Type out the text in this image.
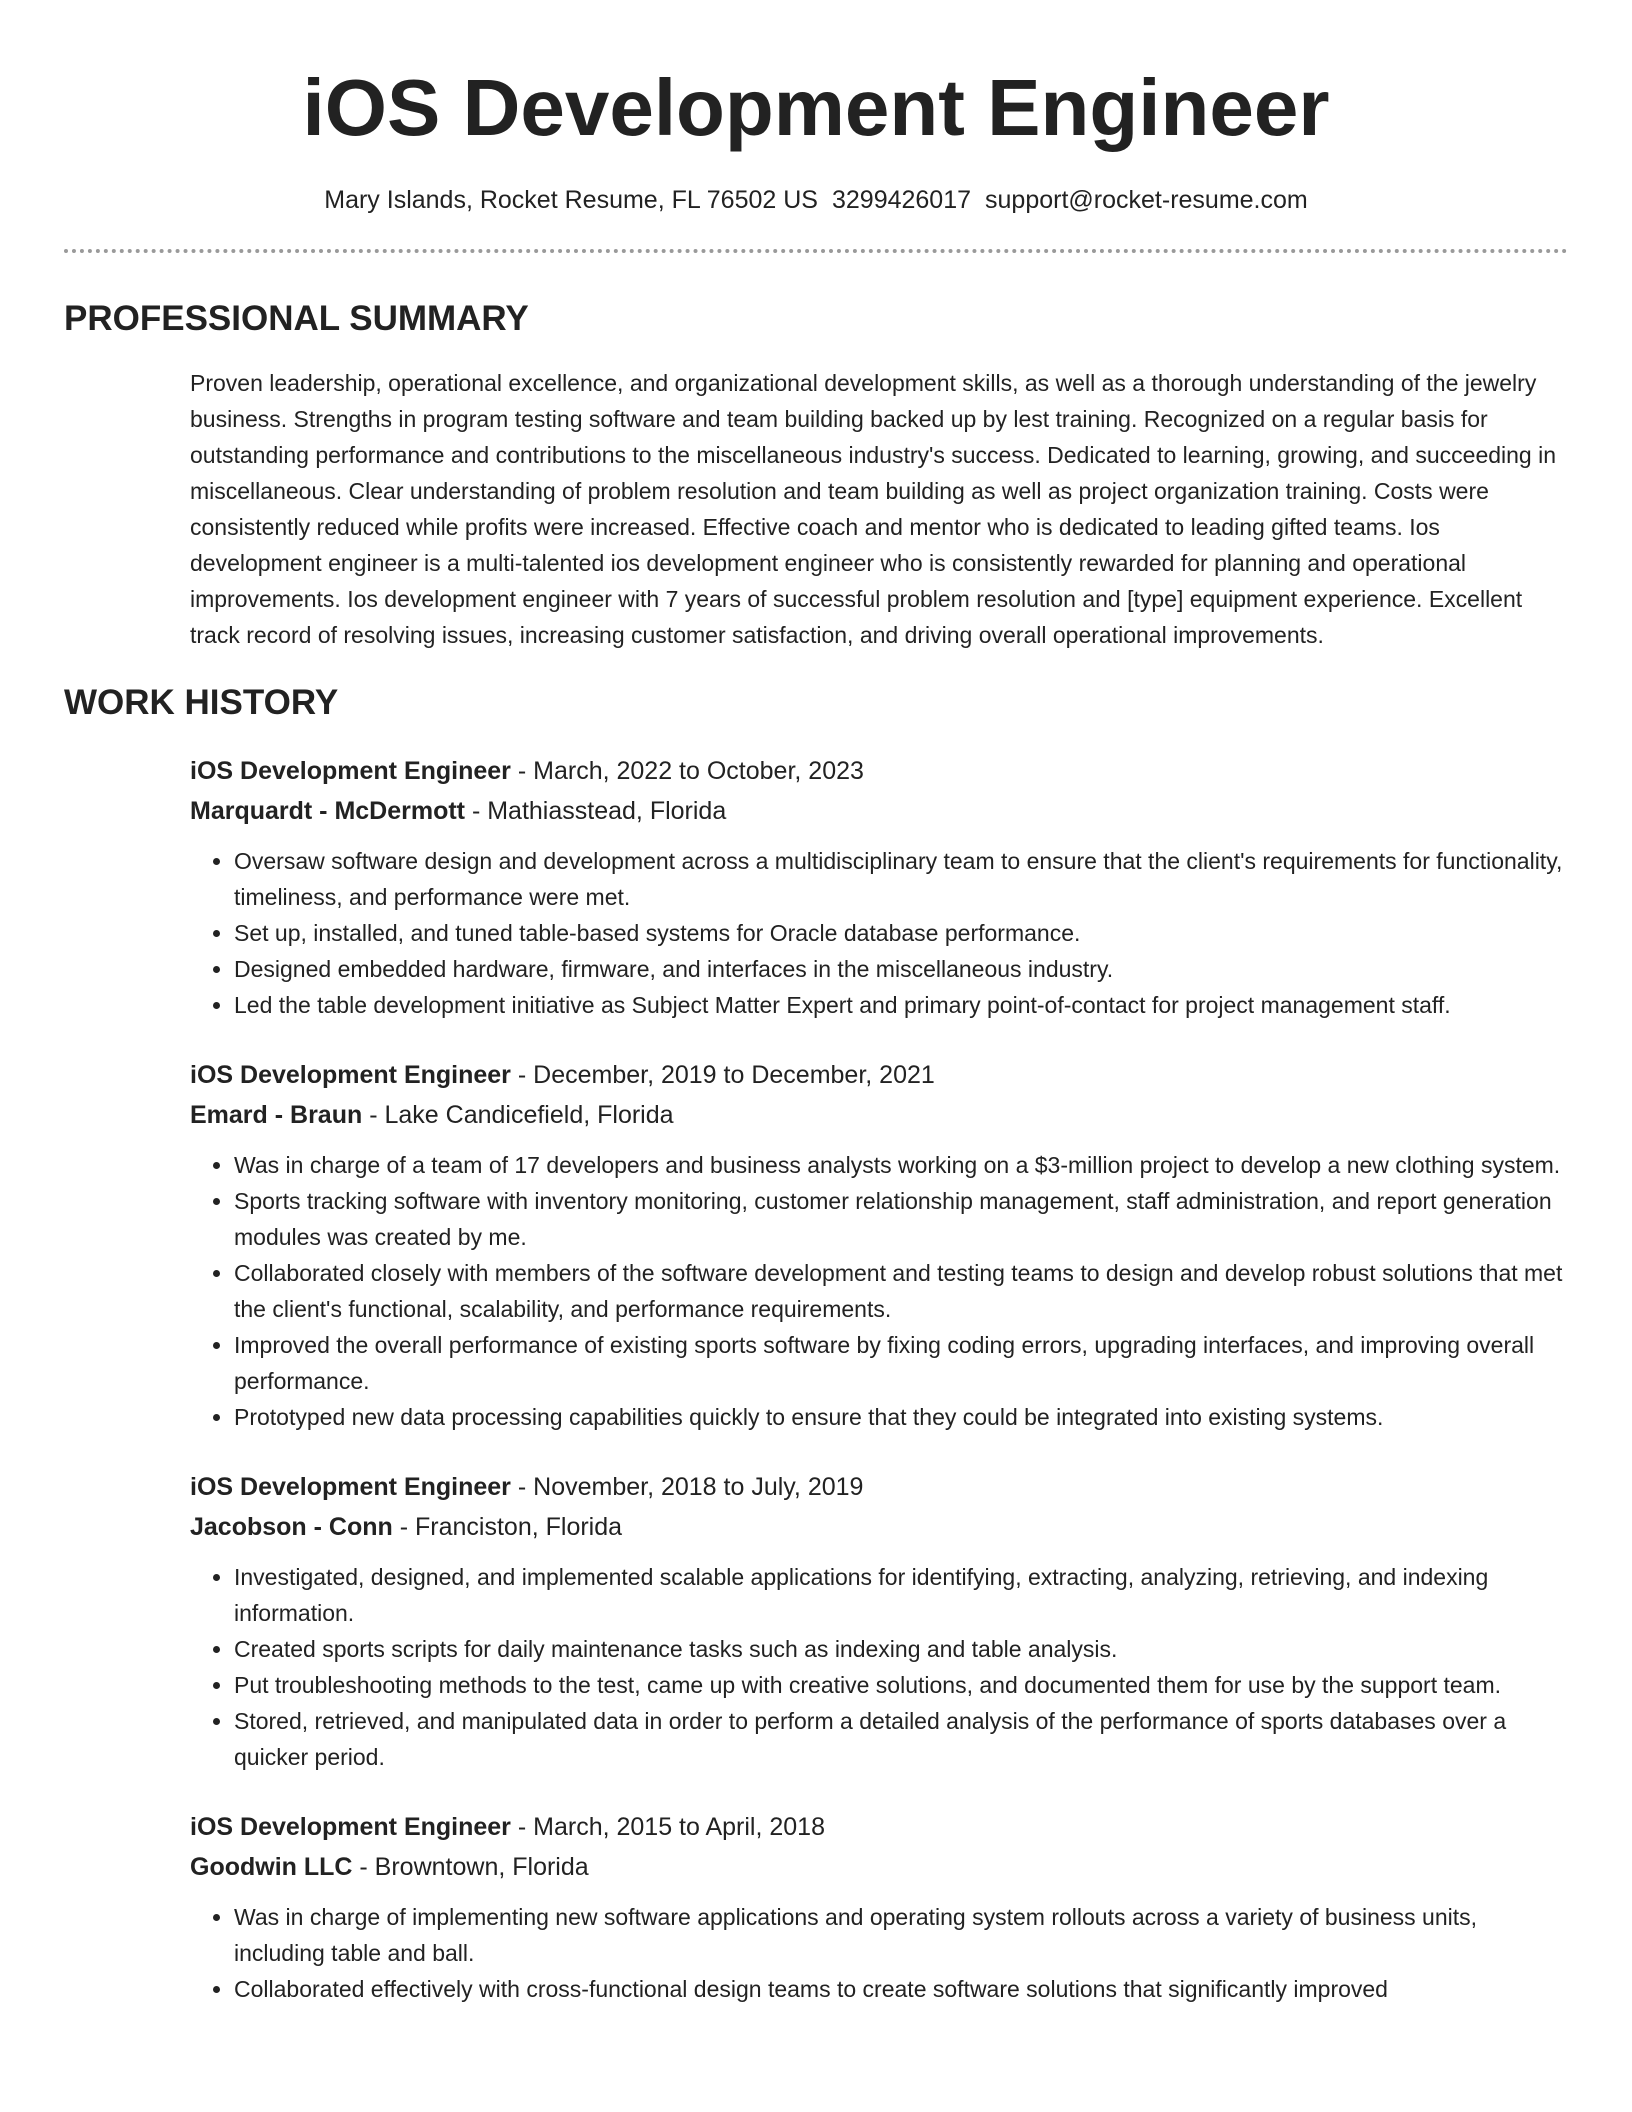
iOS Development Engineer
Mary Islands, Rocket Resume, FL 76502 US 3299426017 support@rocket-resume.com
PROFESSIONAL SUMMARY

Proven leadership, operational excellence, and organizational development skills, as well as a thorough understanding of the jewelry business. Strengths in program testing software and team building backed up by lest training. Recognized on a regular basis for outstanding performance and contributions to the miscellaneous industry's success. Dedicated to learning, growing, and succeeding in miscellaneous. Clear understanding of problem resolution and team building as well as project organization training. Costs were consistently reduced while profits were increased. Effective coach and mentor who is dedicated to leading gifted teams. Ios development engineer is a multi-talented ios development engineer who is consistently rewarded for planning and operational improvements. Ios development engineer with 7 years of successful problem resolution and [type] equipment experience. Excellent track record of resolving issues, increasing customer satisfaction, and driving overall operational improvements.

WORK HISTORY
iOS Development Engineer - March, 2022 to October, 2023
Marquardt - McDermott - Mathiasstead, Florida
• Oversaw software design and development across a multidisciplinary team to ensure that the client's requirements for functionality, timeliness, and performance were met.
• Set up, installed, and tuned table-based systems for Oracle database performance.
• Designed embedded hardware, firmware, and interfaces in the miscellaneous industry.
• Led the table development initiative as Subject Matter Expert and primary point-of-contact for project management staff.
iOS Development Engineer - December, 2019 to December, 2021
Emard - Braun - Lake Candicefield, Florida
• Was in charge of a team of 17 developers and business analysts working on a $3-million project to develop a new clothing system.
• Sports tracking software with inventory monitoring, customer relationship management, staff administration, and report generation modules was created by me.
• Collaborated closely with members of the software development and testing teams to design and develop robust solutions that met the client's functional, scalability, and performance requirements.
• Improved the overall performance of existing sports software by fixing coding errors, upgrading interfaces, and improving overall performance.
• Prototyped new data processing capabilities quickly to ensure that they could be integrated into existing systems.
iOS Development Engineer - November, 2018 to July, 2019
Jacobson - Conn - Franciston, Florida
• Investigated, designed, and implemented scalable applications for identifying, extracting, analyzing, retrieving, and indexing information.
• Created sports scripts for daily maintenance tasks such as indexing and table analysis.
• Put troubleshooting methods to the test, came up with creative solutions, and documented them for use by the support team.
• Stored, retrieved, and manipulated data in order to perform a detailed analysis of the performance of sports databases over a quicker period.
iOS Development Engineer - March, 2015 to April, 2018
Goodwin LLC - Browntown, Florida
• Was in charge of implementing new software applications and operating system rollouts across a variety of business units, including table and ball.
• Collaborated effectively with cross-functional design teams to create software solutions that significantly improved
